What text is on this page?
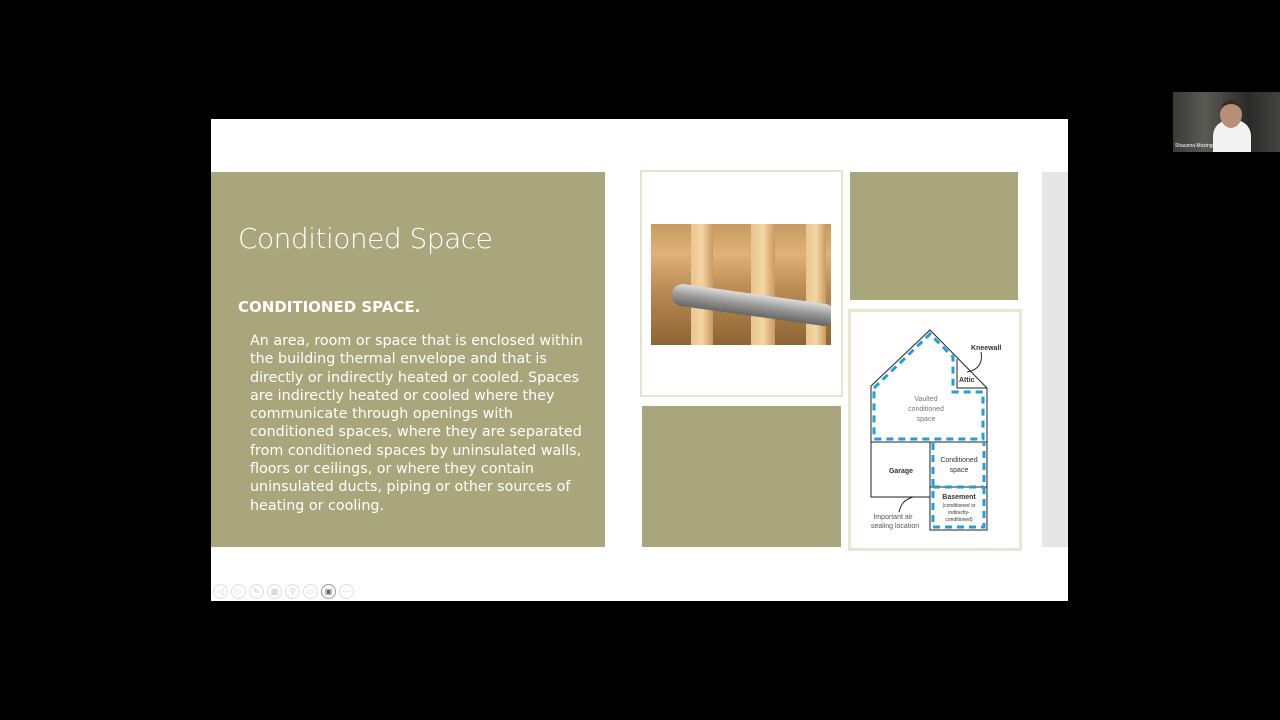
Conditioned Space
CONDITIONED SPACE.
An area, room or space that is enclosed within the building thermal envelope and that is directly or indirectly heated or cooled. Spaces are indirectly heated or cooled where they communicate through openings with conditioned spaces, where they are separated from conditioned spaces by uninsulated walls, floors or ceilings, or where they contain uninsulated ducts, piping or other sources of heating or cooling.
Kneewall
Attic
Vaulted
conditioned
space
Garage
Conditioned
space
Basement
(conditioned or
indirectly-
conditioned)
Important air
sealing location
◁	▷	✎	▦	⚲	▭	▣	⋯
Shaunna Mozingo
